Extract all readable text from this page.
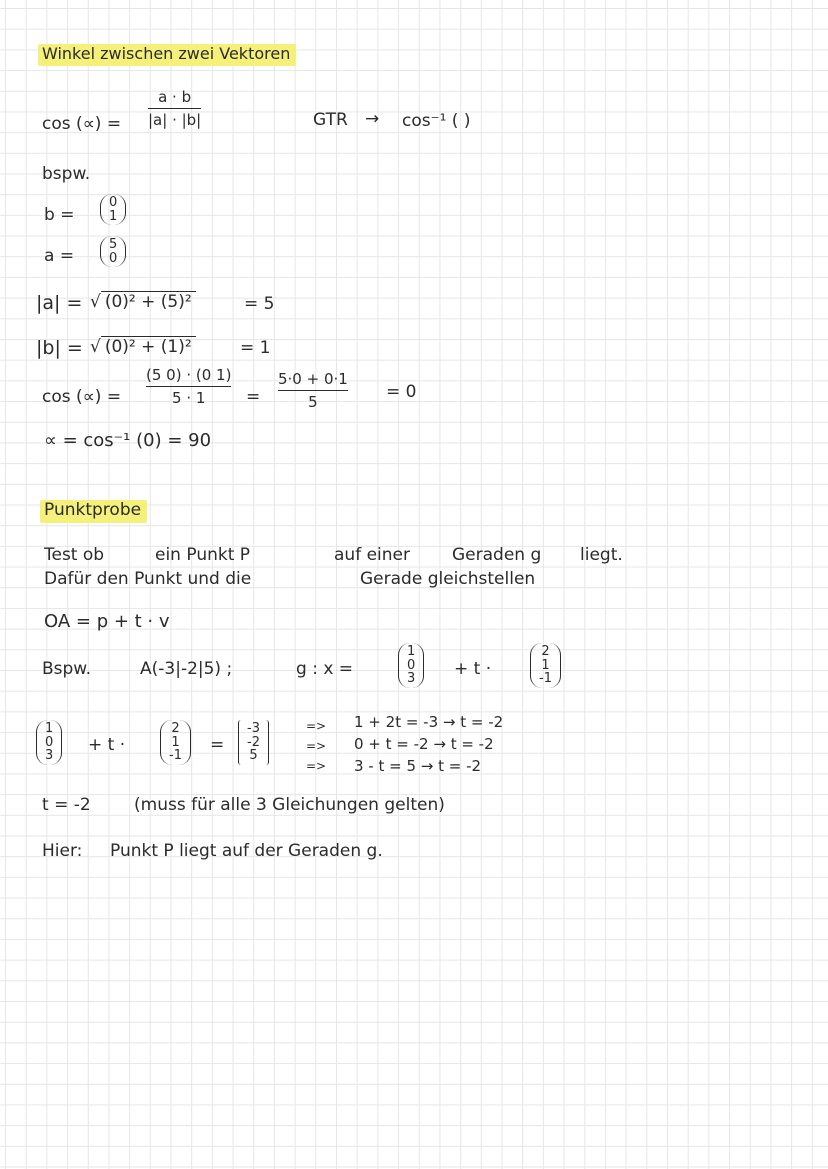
Winkel zwischen zwei Vektoren
cos (∝) =
a · b
|a| · |b|	GTR → cos⁻¹ ( )
bspw.
b =
0
1
a =
5
0
|a| = √ (0)² + (5)²	= 5
|b| = √ (0)² + (1)²	= 1
cos (∝) =
(5 0) · (0 1)
5 · 1	=
5·0 + 0·1
5	= 0
∝ = cos⁻¹ (0) = 90
Punktprobe
Test ob	ein Punkt P	auf einer Geraden g liegt.
Dafür den Punkt und die	Gerade gleichstellen
OA = p + t · v
Bspw.	A(-3|-2|5) ;	g : x =
1
0
3 + t ·
2
1
-1
1
0
3
+ t ·
2
1
-1
=
-3
-2
5
=>
=>
=>
1 + 2t = -3 → t = -2
0 + t = -2 → t = -2
3 - t = 5 → t = -2
t = -2	(muss für alle 3 Gleichungen gelten)
Hier: Punkt P liegt auf der Geraden g.
